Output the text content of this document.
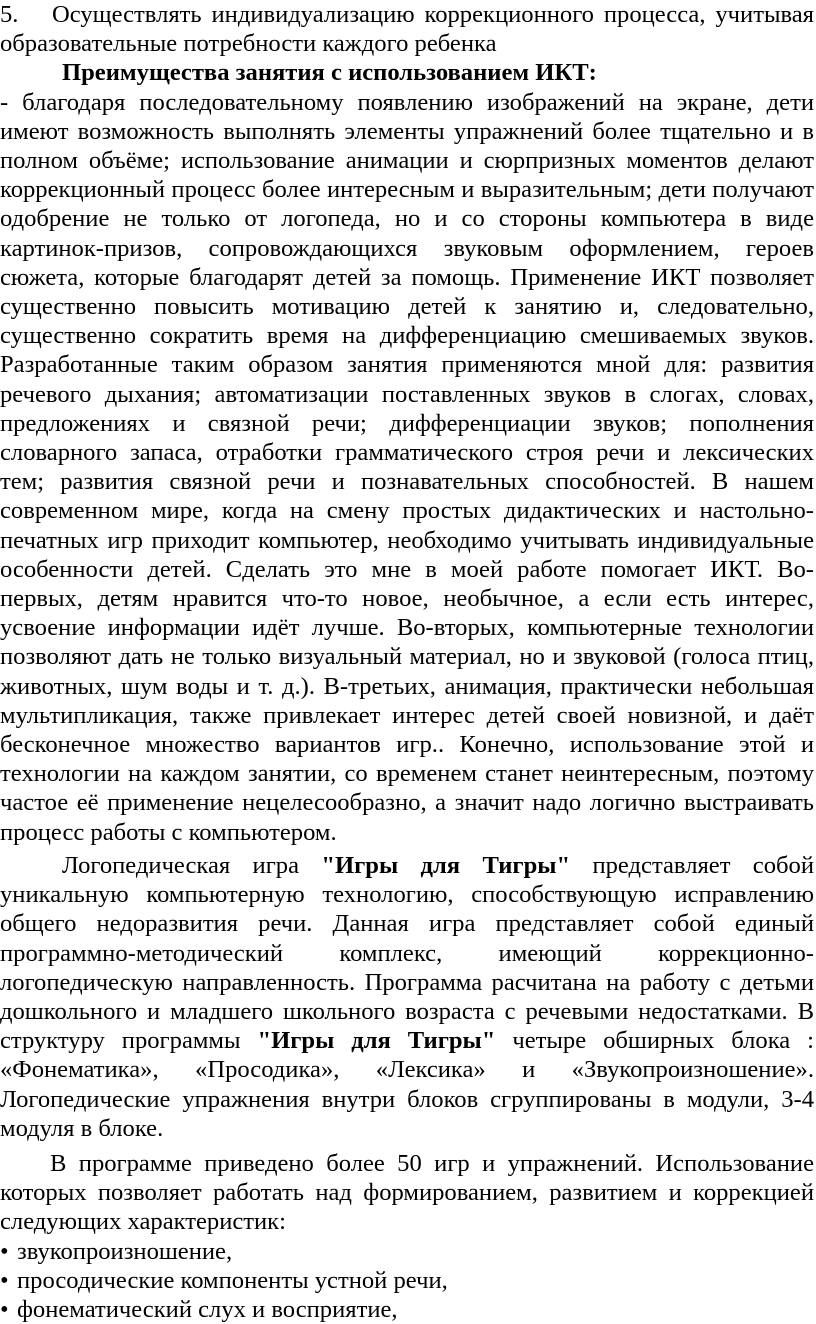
5. Осуществлять индивидуализацию коррекционного процесса, учитывая образовательные потребности каждого ребенка

Преимущества занятия с использованием ИКТ:

- благодаря последовательному появлению изображений на экране, дети имеют возможность выполнять элементы упражнений более тщательно и в полном объёме; использование анимации и сюрпризных моментов делают коррекционный процесс более интересным и выразительным; дети получают одобрение не только от логопеда, но и со стороны компьютера в виде картинок-призов, сопровождающихся звуковым оформлением, героев сюжета, которые благодарят детей за помощь. Применение ИКТ позволяет существенно повысить мотивацию детей к занятию и, следовательно, существенно сократить время на дифференциацию смешиваемых звуков. Разработанные таким образом занятия применяются мной для: развития речевого дыхания; автоматизации поставленных звуков в слогах, словах, предложениях и связной речи; дифференциации звуков; пополнения словарного запаса, отработки грамматического строя речи и лексических тем; развития связной речи и познавательных способностей. В нашем современном мире, когда на смену простых дидактических и настольно-печатных игр приходит компьютер, необходимо учитывать индивидуальные особенности детей. Сделать это мне в моей работе помогает ИКТ. Во-первых, детям нравится что-то новое, необычное, а если есть интерес, усвоение информации идёт лучше. Во-вторых, компьютерные технологии позволяют дать не только визуальный материал, но и звуковой (голоса птиц, животных, шум воды и т. д.). В-третьих, анимация, практически небольшая мультипликация, также привлекает интерес детей своей новизной, и даёт бесконечное множество вариантов игр.. Конечно, использование этой и технологии на каждом занятии, со временем станет неинтересным, поэтому частое её применение нецелесообразно, а значит надо логично выстраивать процесс работы с компьютером.

Логопедическая игра "Игры для Тигры" представляет собой уникальную компьютерную технологию, способствующую исправлению общего недоразвития речи. Данная игра представляет собой единый программно-методический комплекс, имеющий коррекционно-логопедическую направленность. Программа расчитана на работу с детьми дошкольного и младшего школьного возраста с речевыми недостатками. В структуру программы "Игры для Тигры" четыре обширных блока : «Фонематика», «Просодика», «Лексика» и «Звукопроизношение». Логопедические упражнения внутри блоков сгруппированы в модули, 3-4 модуля в блоке.

В программе приведено более 50 игр и упражнений. Использование которых позволяет работать над формированием, развитием и коррекцией следующих характеристик:

• звукопроизношение,
• просодические компоненты устной речи,
• фонематический слух и восприятие,
